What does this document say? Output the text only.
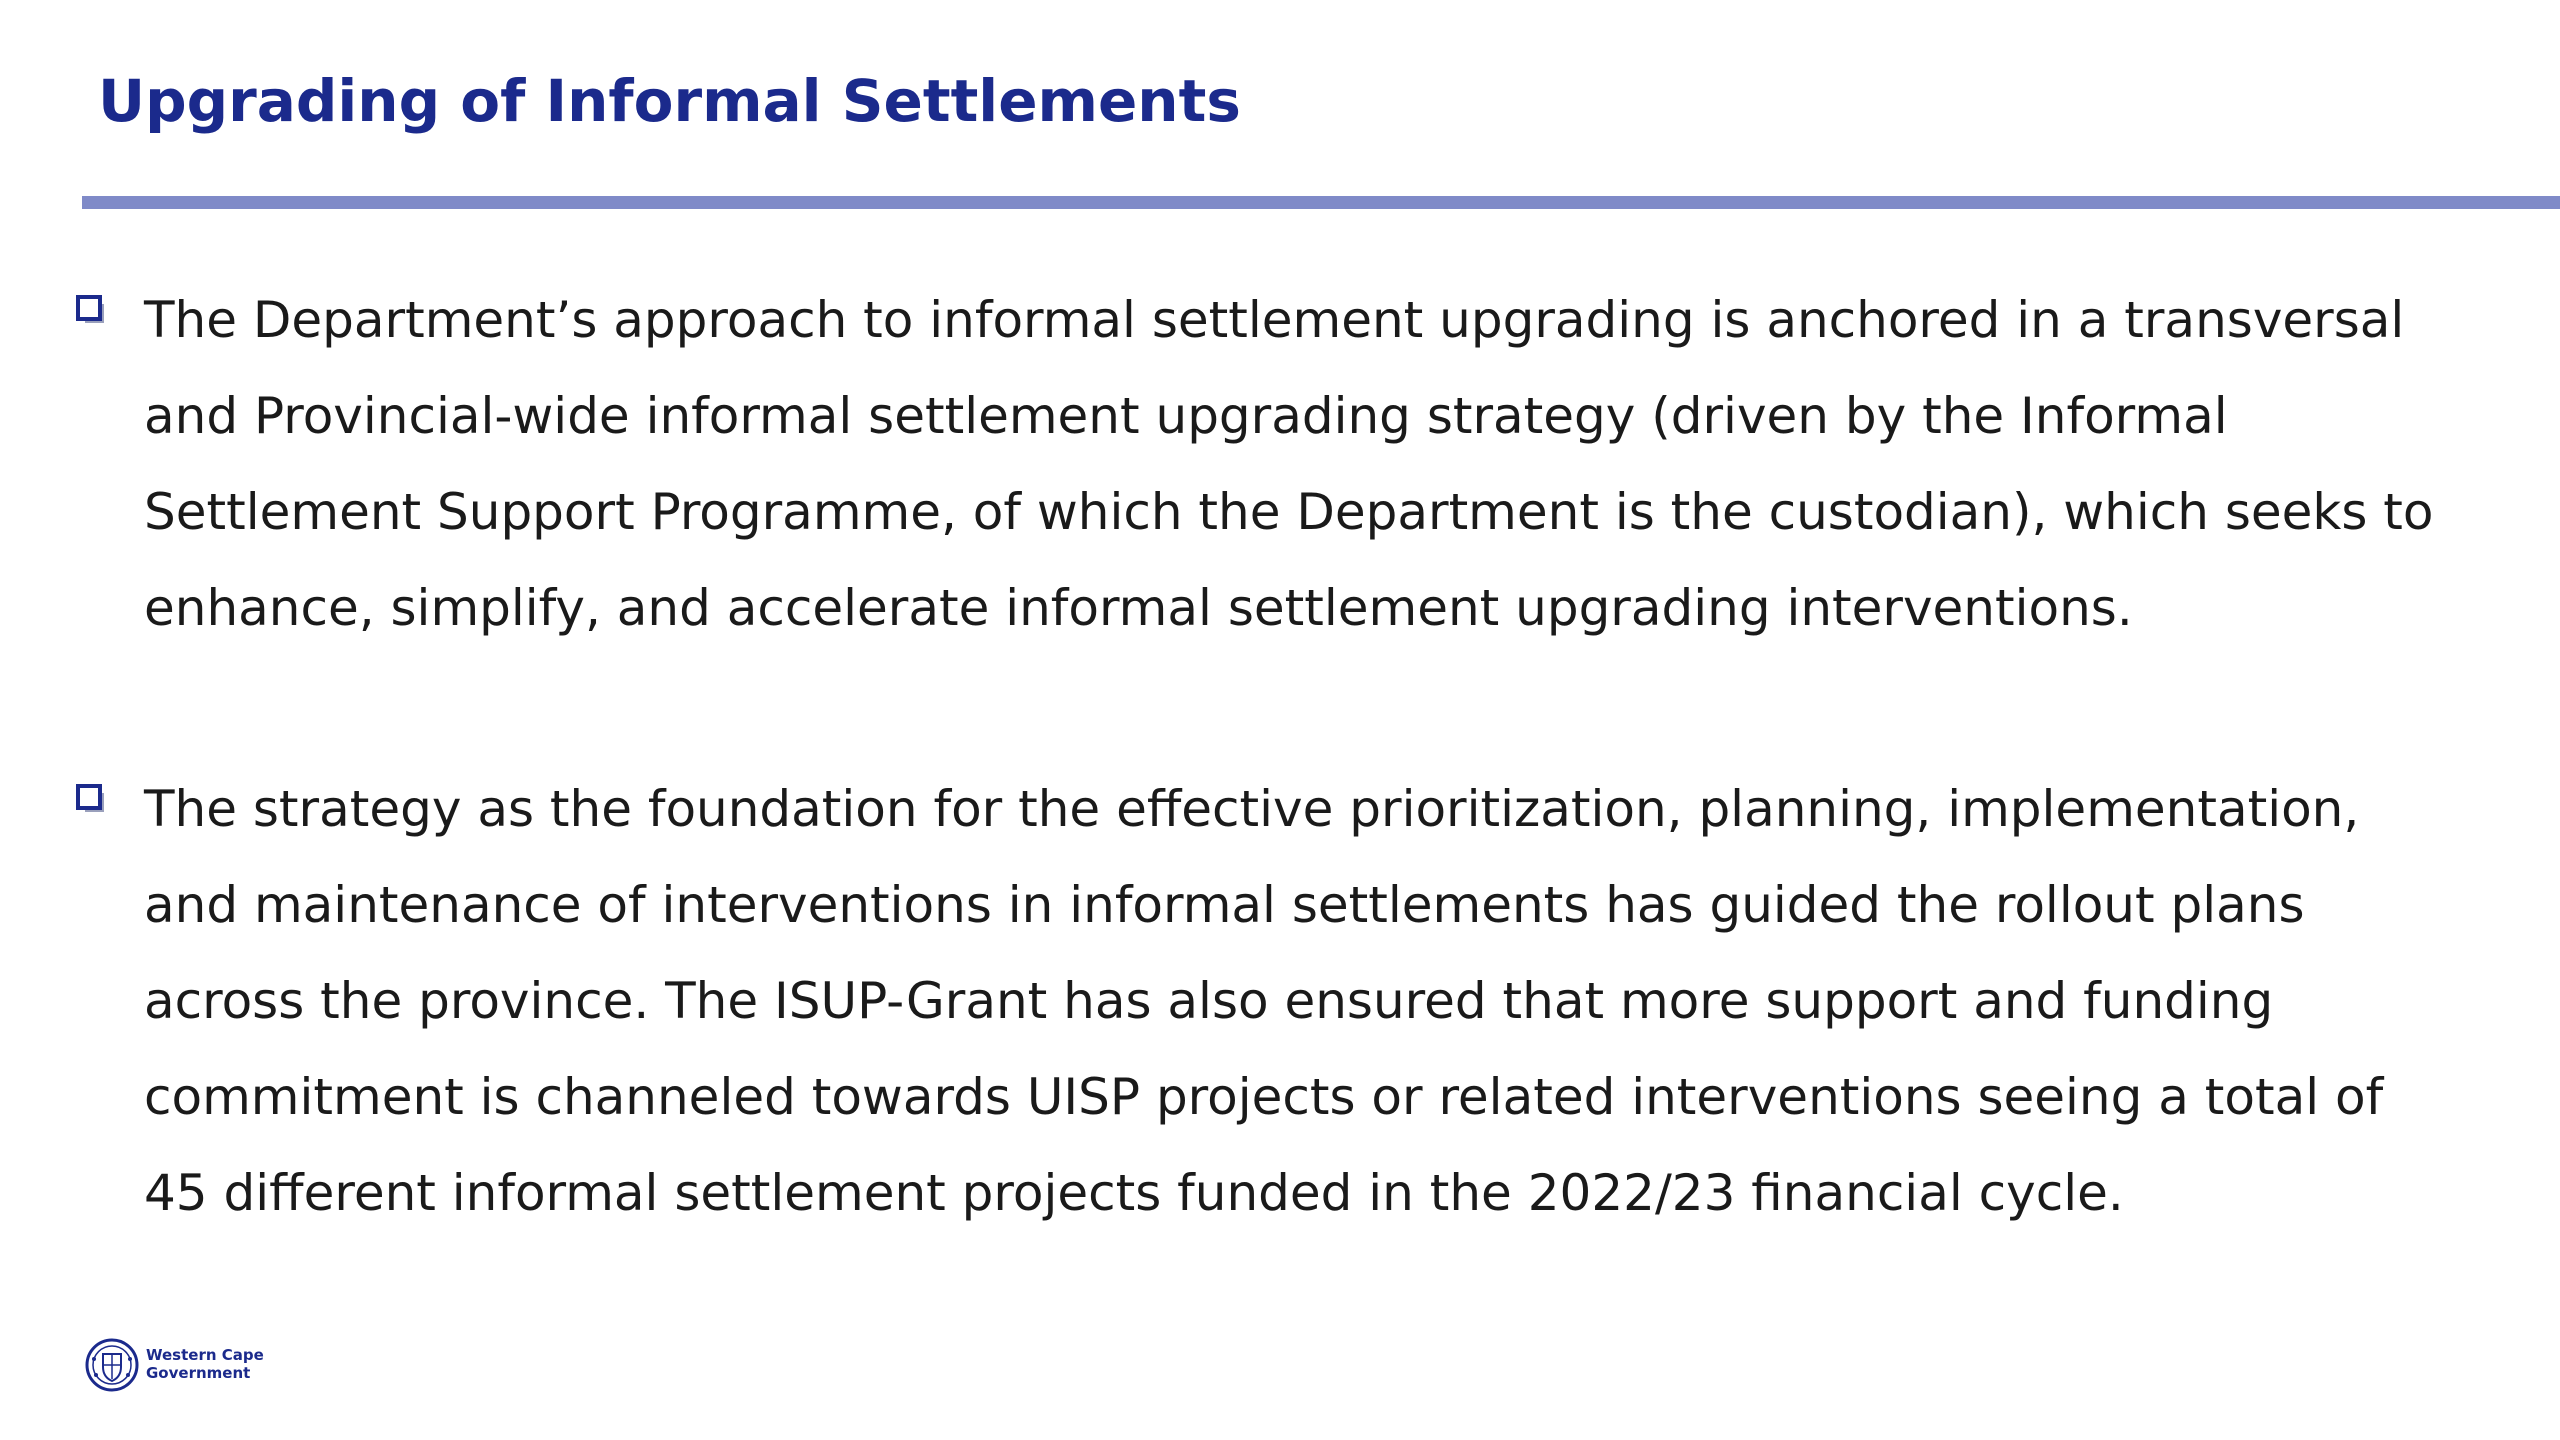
Upgrading of Informal Settlements

The Department’s approach to informal settlement upgrading is anchored in a transversal and Provincial-wide informal settlement upgrading strategy (driven by the Informal Settlement Support Programme, of which the Department is the custodian), which seeks to enhance, simplify, and accelerate informal settlement upgrading interventions.

The strategy as the foundation for the effective prioritization, planning, implementation, and maintenance of interventions in informal settlements has guided the rollout plans across the province. The ISUP-Grant has also ensured that more support and funding commitment is channeled towards UISP projects or related interventions seeing a total of 45 different informal settlement projects funded in the 2022/23 financial cycle.

Western Cape
Government
